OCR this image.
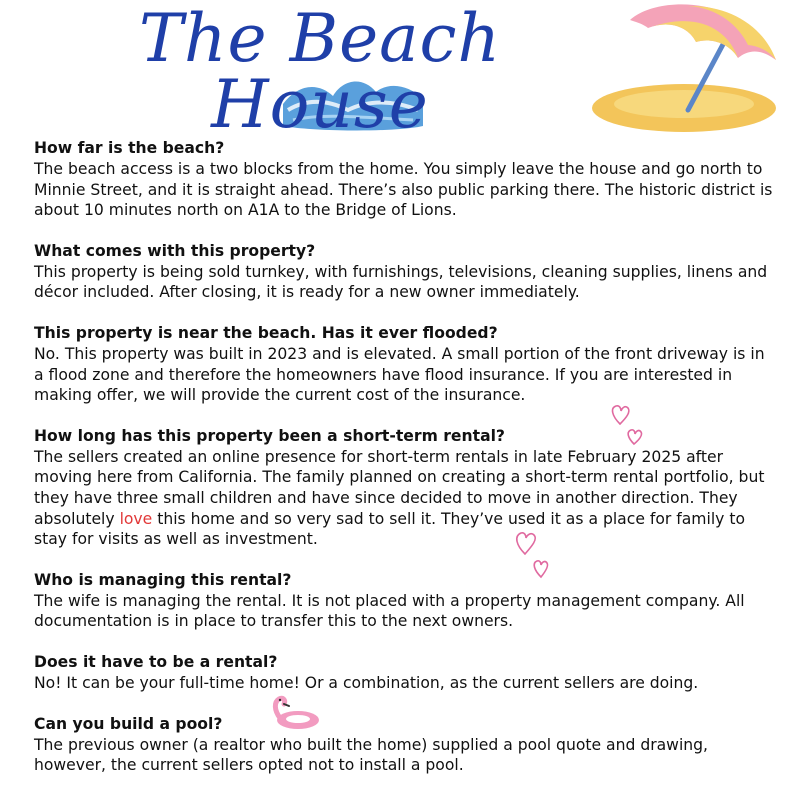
The Beach House

How far is the beach?

The beach access is a two blocks from the home. You simply leave the house and go north to Minnie Street, and it is straight ahead. There’s also public parking there. The historic district is about 10 minutes north on A1A to the Bridge of Lions.

What comes with this property?

This property is being sold turnkey, with furnishings, televisions, cleaning supplies, linens and décor included. After closing, it is ready for a new owner immediately.

This property is near the beach. Has it ever flooded?

No. This property was built in 2023 and is elevated. A small portion of the front driveway is in a flood zone and therefore the homeowners have flood insurance. If you are interested in making offer, we will provide the current cost of the insurance.

How long has this property been a short-term rental?

The sellers created an online presence for short-term rentals in late February 2025 after moving here from California. The family planned on creating a short-term rental portfolio, but they have three small children and have since decided to move in another direction. They absolutely love this home and so very sad to sell it. They’ve used it as a place for family to stay for visits as well as investment.

Who is managing this rental?

The wife is managing the rental. It is not placed with a property management company. All documentation is in place to transfer this to the next owners.

Does it have to be a rental?

No! It can be your full-time home! Or a combination, as the current sellers are doing.

Can you build a pool?

The previous owner (a realtor who built the home) supplied a pool quote and drawing, however, the current sellers opted not to install a pool.
